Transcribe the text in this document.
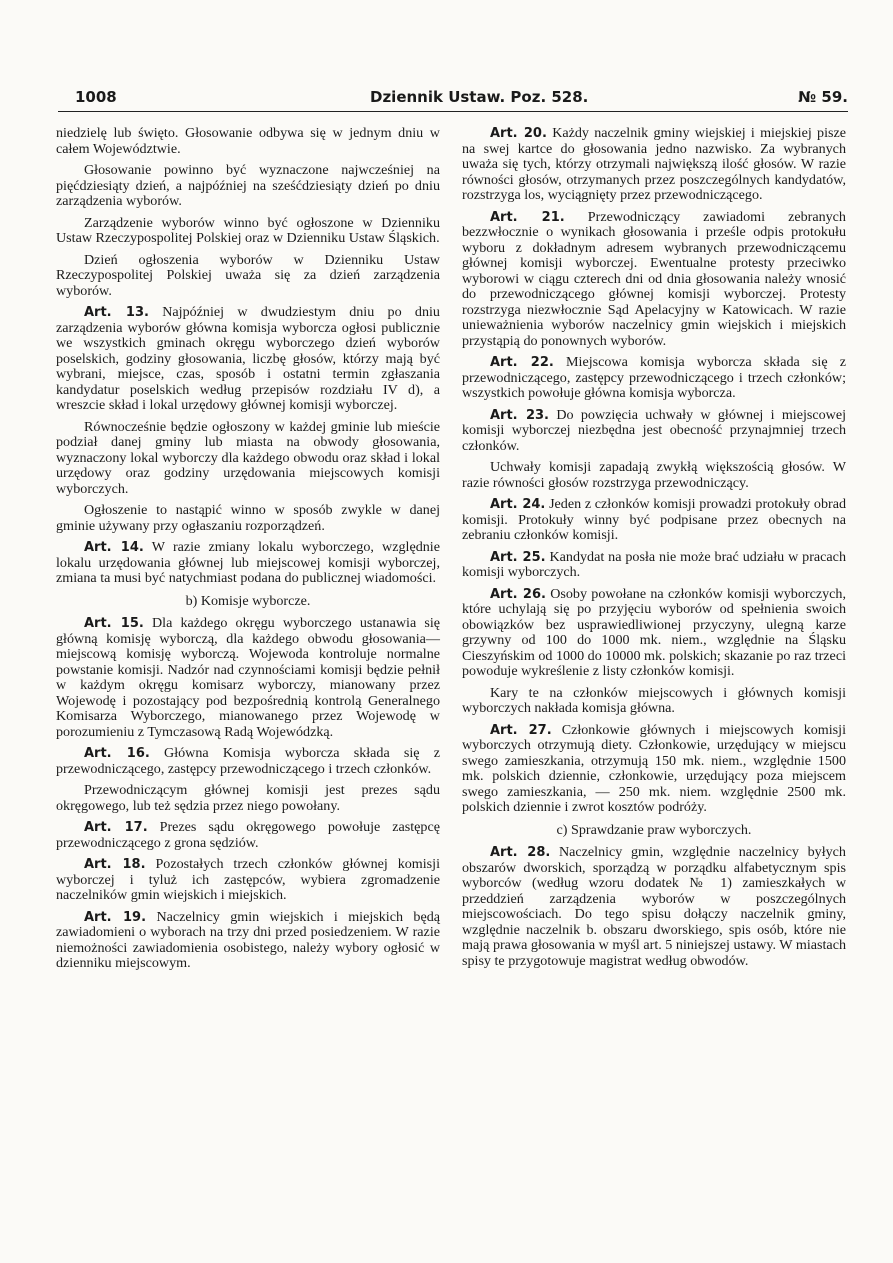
1008	Dziennik Ustaw. Poz. 528.	№ 59.

niedzielę lub święto. Głosowanie odbywa się w jednym dniu w całem Województwie.

Głosowanie powinno być wyznaczone najwcześniej na pięćdziesiąty dzień, a najpóźniej na sześćdziesiąty dzień po dniu zarządzenia wyborów.

Zarządzenie wyborów winno być ogłoszone w Dzienniku Ustaw Rzeczypospolitej Polskiej oraz w Dzienniku Ustaw Śląskich.

Dzień ogłoszenia wyborów w Dzienniku Ustaw Rzeczypospolitej Polskiej uważa się za dzień zarządzenia wyborów.

Art. 13. Najpóźniej w dwudziestym dniu po dniu zarządzenia wyborów główna komisja wyborcza ogłosi publicznie we wszystkich gminach okręgu wyborczego dzień wyborów poselskich, godziny głosowania, liczbę głosów, którzy mają być wybrani, miejsce, czas, sposób i ostatni termin zgłaszania kandydatur poselskich według przepisów rozdziału IV d), a wreszcie skład i lokal urzędowy głównej komisji wyborczej.

Równocześnie będzie ogłoszony w każdej gminie lub mieście podział danej gminy lub miasta na obwody głosowania, wyznaczony lokal wyborczy dla każdego obwodu oraz skład i lokal urzędowy oraz godziny urzędowania miejscowych komisji wyborczych.

Ogłoszenie to nastąpić winno w sposób zwykle w danej gminie używany przy ogłaszaniu rozporządzeń.

Art. 14. W razie zmiany lokalu wyborczego, względnie lokalu urzędowania głównej lub miejscowej komisji wyborczej, zmiana ta musi być natychmiast podana do publicznej wiadomości.

b) Komisje wyborcze.

Art. 15. Dla każdego okręgu wyborczego ustanawia się główną komisję wyborczą, dla każdego obwodu głosowania—miejscową komisję wyborczą. Wojewoda kontroluje normalne powstanie komisji. Nadzór nad czynnościami komisji będzie pełnił w każdym okręgu komisarz wyborczy, mianowany przez Wojewodę i pozostający pod bezpośrednią kontrolą Generalnego Komisarza Wyborczego, mianowanego przez Wojewodę w porozumieniu z Tymczasową Radą Wojewódzką.

Art. 16. Główna Komisja wyborcza składa się z przewodniczącego, zastępcy przewodniczącego i trzech członków.

Przewodniczącym głównej komisji jest prezes sądu okręgowego, lub też sędzia przez niego powołany.

Art. 17. Prezes sądu okręgowego powołuje zastępcę przewodniczącego z grona sędziów.

Art. 18. Pozostałych trzech członków głównej komisji wyborczej i tyluż ich zastępców, wybiera zgromadzenie naczelników gmin wiejskich i miejskich.

Art. 19. Naczelnicy gmin wiejskich i miejskich będą zawiadomieni o wyborach na trzy dni przed posiedzeniem. W razie niemożności zawiadomienia osobistego, należy wybory ogłosić w dzienniku miejscowym.

Art. 20. Każdy naczelnik gminy wiejskiej i miejskiej pisze na swej kartce do głosowania jedno nazwisko. Za wybranych uważa się tych, którzy otrzymali największą ilość głosów. W razie równości głosów, otrzymanych przez poszczególnych kandydatów, rozstrzyga los, wyciągnięty przez przewodniczącego.

Art. 21. Przewodniczący zawiadomi zebranych bezzwłocznie o wynikach głosowania i prześle odpis protokułu wyboru z dokładnym adresem wybranych przewodniczącemu głównej komisji wyborczej. Ewentualne protesty przeciwko wyborowi w ciągu czterech dni od dnia głosowania należy wnosić do przewodniczącego głównej komisji wyborczej. Protesty rozstrzyga niezwłocznie Sąd Apelacyjny w Katowicach. W razie unieważnienia wyborów naczelnicy gmin wiejskich i miejskich przystąpią do ponownych wyborów.

Art. 22. Miejscowa komisja wyborcza składa się z przewodniczącego, zastępcy przewodniczącego i trzech członków; wszystkich powołuje główna komisja wyborcza.

Art. 23. Do powzięcia uchwały w głównej i miejscowej komisji wyborczej niezbędna jest obecność przynajmniej trzech członków.

Uchwały komisji zapadają zwykłą większością głosów. W razie równości głosów rozstrzyga przewodniczący.

Art. 24. Jeden z członków komisji prowadzi protokuły obrad komisji. Protokuły winny być podpisane przez obecnych na zebraniu członków komisji.

Art. 25. Kandydat na posła nie może brać udziału w pracach komisji wyborczych.

Art. 26. Osoby powołane na członków komisji wyborczych, które uchylają się po przyjęciu wyborów od spełnienia swoich obowiązków bez usprawiedliwionej przyczyny, ulegną karze grzywny od 100 do 1000 mk. niem., względnie na Śląsku Cieszyńskim od 1000 do 10000 mk. polskich; skazanie po raz trzeci powoduje wykreślenie z listy członków komisji.

Kary te na członków miejscowych i głównych komisji wyborczych nakłada komisja główna.

Art. 27. Członkowie głównych i miejscowych komisji wyborczych otrzymują diety. Członkowie, urzędujący w miejscu swego zamieszkania, otrzymują 150 mk. niem., względnie 1500 mk. polskich dziennie, członkowie, urzędujący poza miejscem swego zamieszkania, — 250 mk. niem. względnie 2500 mk. polskich dziennie i zwrot kosztów podróży.

c) Sprawdzanie praw wyborczych.

Art. 28. Naczelnicy gmin, względnie naczelnicy byłych obszarów dworskich, sporządzą w porządku alfabetycznym spis wyborców (według wzoru dodatek № 1) zamieszkałych w przeddzień zarządzenia wyborów w poszczególnych miejscowościach. Do tego spisu dołączy naczelnik gminy, względnie naczelnik b. obszaru dworskiego, spis osób, które nie mają prawa głosowania w myśl art. 5 niniejszej ustawy. W miastach spisy te przygotowuje magistrat według obwodów.
